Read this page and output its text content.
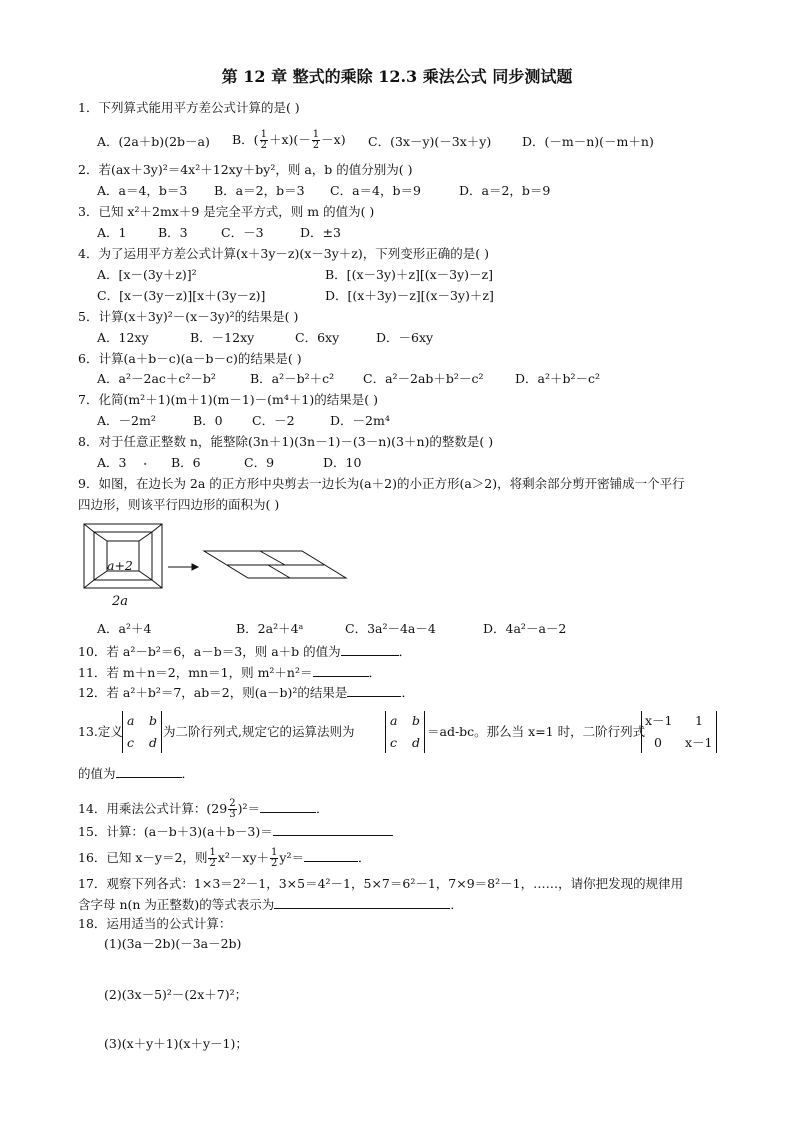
第 12 章 整式的乘除 12.3 乘法公式 同步测试题
1．下列算式能用平方差公式计算的是( )
A．(2a＋b)(2b－a) B．( $\frac{1}{2} +x)(- \frac{1}{2} -x)$ C．(3x－y)(－3x＋y) D．(－m－n)(－m＋n)
2．若(ax＋3y)²＝4x²＋12xy＋by²，则 a，b 的值分别为( )
A．a＝4，b＝3 B．a＝2，b＝3 C．a＝4，b＝9	D．a＝2，b＝9
3．已知 x²＋2mx＋9 是完全平方式，则 m 的值为( )
A．1	B．3	C．－3	D．±3
4．为了运用平方差公式计算(x＋3y－z)(x－3y＋z)，下列变形正确的是( )
A．[x－(3y＋z)]²	B．[(x－3y)＋z][(x－3y)－z]
C．[x－(3y－z)][x＋(3y－z)]	D．[(x＋3y)－z][(x－3y)＋z]
5．计算(x＋3y)²－(x－3y)²的结果是( )
A．12xy	B．－12xy	C．6xy	D．－6xy
6．计算(a＋b－c)(a－b－c)的结果是( )
A．a²－2ac＋c²－b²	B．a²－b²＋c² C．a²－2ab＋b²－c²	D．a²＋b²－c²
7．化简(m²＋1)(m＋1)(m－1)－(m⁴＋1)的结果是( )
A．－2m²	B．0 C．－2	D．－2m⁴
8．对于任意正整数 n，能整除(3n＋1)(3n－1)－(3－n)(3＋n)的整数是( )
A．3 . B．6	C．9	D．10
9．如图，在边长为 2a 的正方形中央剪去一边长为(a＋2)的小正方形(a＞2)，将剩余部分剪开密铺成一个平行
四边形，则该平行四边形的面积为( )
a+2
2a
A．a²＋4	B．2a²＋4ᵃ	C．3a²－4a－4	D．4a²－a－2
10．若 a²－b²＝6，a－b＝3，则 a＋b 的值为	．
11．若 m＋n＝2，mn＝1，则 m²＋n²＝	．
12．若 a²＋b²＝7，ab＝2，则(a－b)²的结果是	．
13.定义
a b
c d
为二阶行列式,规定它的运算法则为
a b
c d
＝ad-bc。那么当 x=1 时，二阶行列式
x－1 1
0 x－1
的值为	．
14．用乘法公式计算：$(29 \frac{2}{3} )^2=$	．
15．计算：(a－b＋3)(a＋b－3)＝
16．已知 x－y＝2，则 $\frac{1}{2} x^2-xy+ \frac{1}{2} y^2=$	．
17．观察下列各式：1×3＝2²－1，3×5＝4²－1，5×7＝6²－1，7×9＝8²－1，……，请你把发现的规律用
含字母 n(n 为正整数)的等式表示为	．
18．运用适当的公式计算：
(1)(3a－2b)(－3a－2b)
(2)(3x－5)²－(2x＋7)²；
(3)(x＋y＋1)(x＋y－1)；
